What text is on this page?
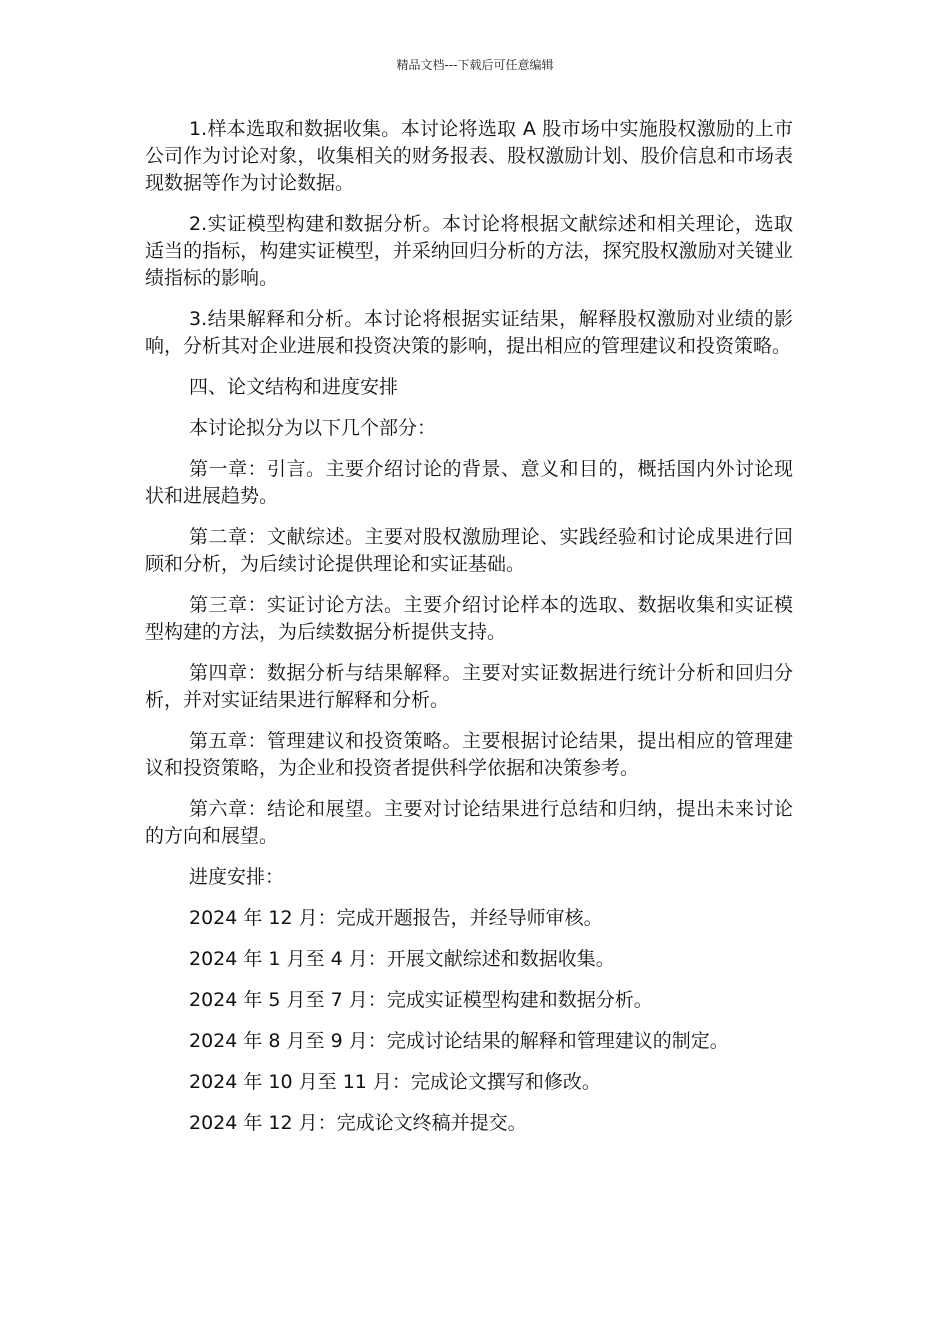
精品文档---下载后可任意编辑

1.样本选取和数据收集。本讨论将选取 A 股市场中实施股权激励的上市公司作为讨论对象，收集相关的财务报表、股权激励计划、股价信息和市场表现数据等作为讨论数据。

2.实证模型构建和数据分析。本讨论将根据文献综述和相关理论，选取适当的指标，构建实证模型，并采纳回归分析的方法，探究股权激励对关键业绩指标的影响。

3.结果解释和分析。本讨论将根据实证结果，解释股权激励对业绩的影响，分析其对企业进展和投资决策的影响，提出相应的管理建议和投资策略。

四、论文结构和进度安排

本讨论拟分为以下几个部分：

第一章：引言。主要介绍讨论的背景、意义和目的，概括国内外讨论现状和进展趋势。

第二章：文献综述。主要对股权激励理论、实践经验和讨论成果进行回顾和分析，为后续讨论提供理论和实证基础。

第三章：实证讨论方法。主要介绍讨论样本的选取、数据收集和实证模型构建的方法，为后续数据分析提供支持。

第四章：数据分析与结果解释。主要对实证数据进行统计分析和回归分析，并对实证结果进行解释和分析。

第五章：管理建议和投资策略。主要根据讨论结果，提出相应的管理建议和投资策略，为企业和投资者提供科学依据和决策参考。

第六章：结论和展望。主要对讨论结果进行总结和归纳，提出未来讨论的方向和展望。

进度安排：

2024 年 12 月：完成开题报告，并经导师审核。

2024 年 1 月至 4 月：开展文献综述和数据收集。

2024 年 5 月至 7 月：完成实证模型构建和数据分析。

2024 年 8 月至 9 月：完成讨论结果的解释和管理建议的制定。

2024 年 10 月至 11 月：完成论文撰写和修改。

2024 年 12 月：完成论文终稿并提交。
